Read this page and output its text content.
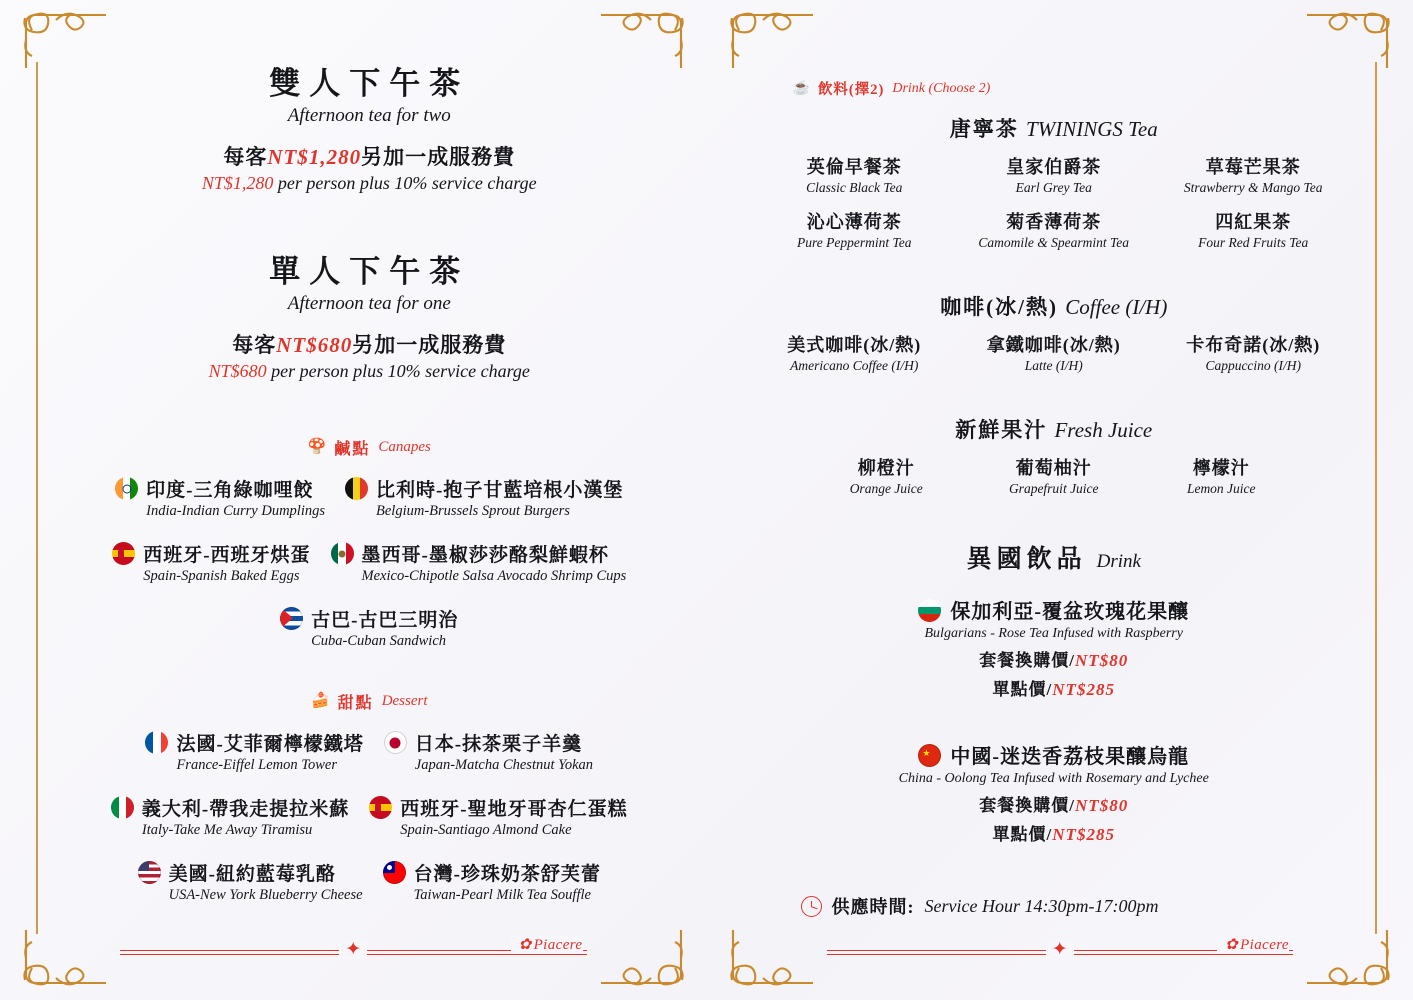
雙人下午茶
Afternoon tea for two
每客NT$1,280另加一成服務費
NT$1,280 per person plus 10% service charge
單人下午茶
Afternoon tea for one
每客NT$680另加一成服務費
NT$680 per person plus 10% service charge
🍄 鹹點 Canapes
印度-三角綠咖哩餃
India-Indian Curry Dumplings
比利時-抱子甘藍培根小漢堡
Belgium-Brussels Sprout Burgers
西班牙-西班牙烘蛋
Spain-Spanish Baked Eggs
墨西哥-墨椒莎莎酪梨鮮蝦杯
Mexico-Chipotle Salsa Avocado Shrimp Cups
古巴-古巴三明治
Cuba-Cuban Sandwich
🍰 甜點 Dessert
法國-艾菲爾檸檬鐵塔
France-Eiffel Lemon Tower
日本-抹茶栗子羊羹
Japan-Matcha Chestnut Yokan
義大利-帶我走提拉米蘇
Italy-Take Me Away Tiramisu
西班牙-聖地牙哥杏仁蛋糕
Spain-Santiago Almond Cake
美國-紐約藍莓乳酪
USA-New York Blueberry Cheese
台灣-珍珠奶茶舒芙蕾
Taiwan-Pearl Milk Tea Souffle
✦	✿ Piacere
☕ 飲料(擇2) Drink (Choose 2)
唐寧茶 TWININGS Tea
英倫早餐茶
Classic Black Tea
皇家伯爵茶
Earl Grey Tea
草莓芒果茶
Strawberry & Mango Tea
沁心薄荷茶
Pure Peppermint Tea
菊香薄荷茶
Camomile & Spearmint Tea
四紅果茶
Four Red Fruits Tea
咖啡(冰/熱) Coffee (I/H)
美式咖啡(冰/熱)
Americano Coffee (I/H)
拿鐵咖啡(冰/熱)
Latte (I/H)
卡布奇諾(冰/熱)
Cappuccino (I/H)
新鮮果汁 Fresh Juice
柳橙汁
Orange Juice
葡萄柚汁
Grapefruit Juice
檸檬汁
Lemon Juice
異國飲品 Drink
保加利亞-覆盆玫瑰花果釀
Bulgarians - Rose Tea Infused with Raspberry
套餐換購價/NT$80
單點價/NT$285
★ 中國-迷迭香荔枝果釀烏龍
China - Oolong Tea Infused with Rosemary and Lychee
套餐換購價/NT$80
單點價/NT$285
供應時間: Service Hour 14:30pm-17:00pm
✦	✿ Piacere
